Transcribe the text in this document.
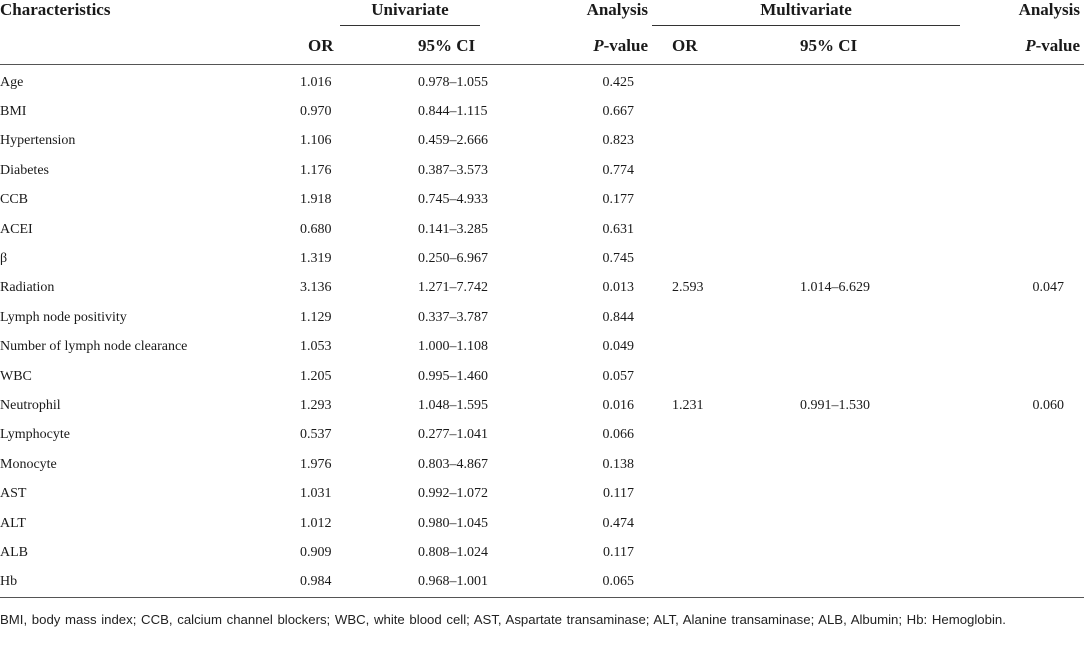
Characteristics	Univariate		Analysis	Multivariate		Analysis
	OR	95% CI	P-value	OR	95% CI	P-value
Age	1.016	0.978–1.055	0.425			
BMI	0.970	0.844–1.115	0.667			
Hypertension	1.106	0.459–2.666	0.823			
Diabetes	1.176	0.387–3.573	0.774			
CCB	1.918	0.745–4.933	0.177			
ACEI	0.680	0.141–3.285	0.631			
β	1.319	0.250–6.967	0.745			
Radiation	3.136	1.271–7.742	0.013	2.593	1.014–6.629	0.047
Lymph node positivity	1.129	0.337–3.787	0.844			
Number of lymph node clearance	1.053	1.000–1.108	0.049			
WBC	1.205	0.995–1.460	0.057			
Neutrophil	1.293	1.048–1.595	0.016	1.231	0.991–1.530	0.060
Lymphocyte	0.537	0.277–1.041	0.066			
Monocyte	1.976	0.803–4.867	0.138			
AST	1.031	0.992–1.072	0.117			
ALT	1.012	0.980–1.045	0.474			
ALB	0.909	0.808–1.024	0.117			
Hb	0.984	0.968–1.001	0.065			
BMI, body mass index; CCB, calcium channel blockers; WBC, white blood cell; AST, Aspartate transaminase; ALT, Alanine transaminase; ALB, Albumin; Hb: Hemoglobin.
